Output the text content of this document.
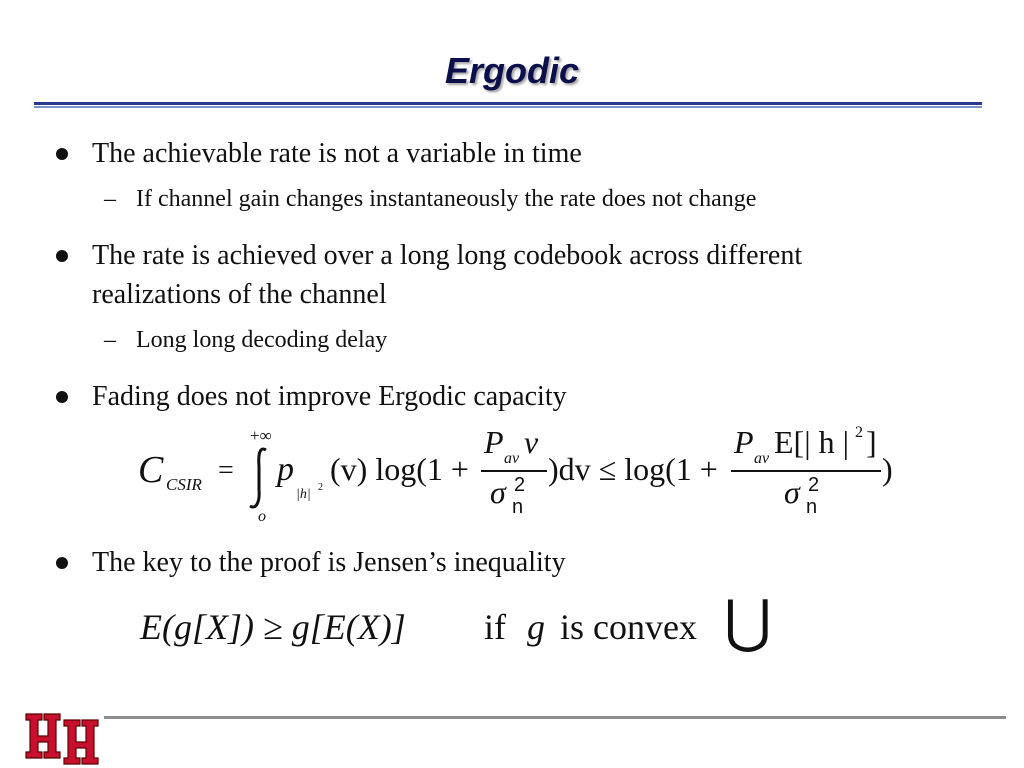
Ergodic
The achievable rate is not a variable in time
– If channel gain changes instantaneously the rate does not change
The rate is achieved over a long long codebook across different
realizations of the channel
– Long long decoding delay
Fading does not improve Ergodic capacity
C CSIR =
+∞
o
p
|h| 2
(v) log(1 +
P av v
σ 2
n
)dv ≤ log(1 +
P av E[| h | 2 ]
σ 2
n
)
The key to the proof is Jensen’s inequality
E(g[X]) ≥ g[E(X)] if g is convex ⋃
